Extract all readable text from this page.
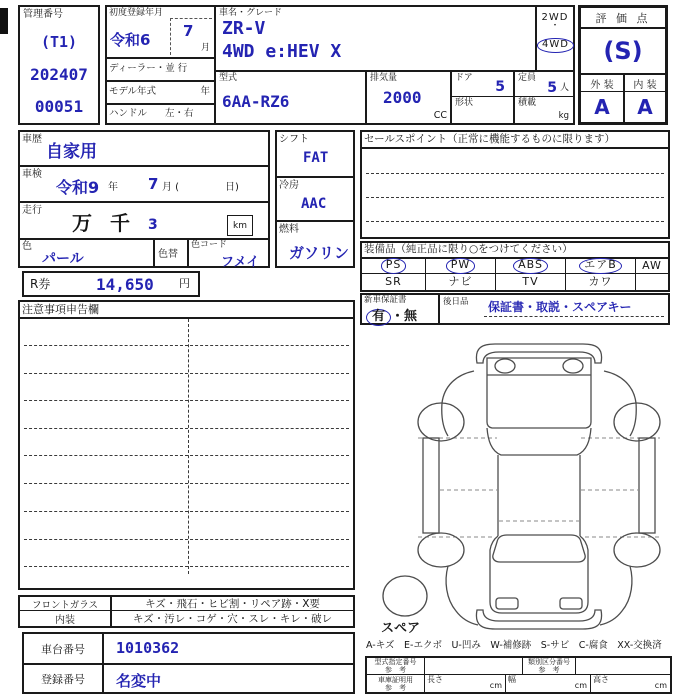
管理番号
(T1)
202407
00051
初度登録年月
令和6 7
月
ディーラー・並 行
モデル年式	年
ハンドル 左・右
車名・グレード
ZR-V
4WD e:HEV X
2WD
・
4WD
型式
6AA-RZ6
排気量
2000
CC
ドア
5
形状
定員
5 人
積載
kg
評 価 点
(S)
外 装	内 装
A	A
車歴
自家用
車検
令和9 年 7 月 (	日)
走行
万 千 3	km
色
パール	色替
色コード
フメイ
シフト
FAT
冷房
AAC
燃料
ガソリン
R券	14,650 円
セールスポイント（正常に機能するものに限ります）
装備品（純正品に限り○をつけてください）
PS	PW	ABS	エアB	AW
SR	ナビ	TV	カワ
新車保証書
有 ・無
後日品 保証書・取説・スペアキー
注意事項申告欄
フロントガラス	キズ・飛石・ヒビ割・リペア跡・X要
内装	キズ・汚レ・コゲ・穴・スレ・キレ・破レ
車台番号	1010362
登録番号	名変中
スペア
A-キズ　E-エクボ　U-凹み　W-補修跡　S-サビ　C-腐食　XX-交換済
型式指定番号
参　考
類別区分番号
参　考
車庫証明用
参　考
長さ
cm
幅
cm
高さ
cm
